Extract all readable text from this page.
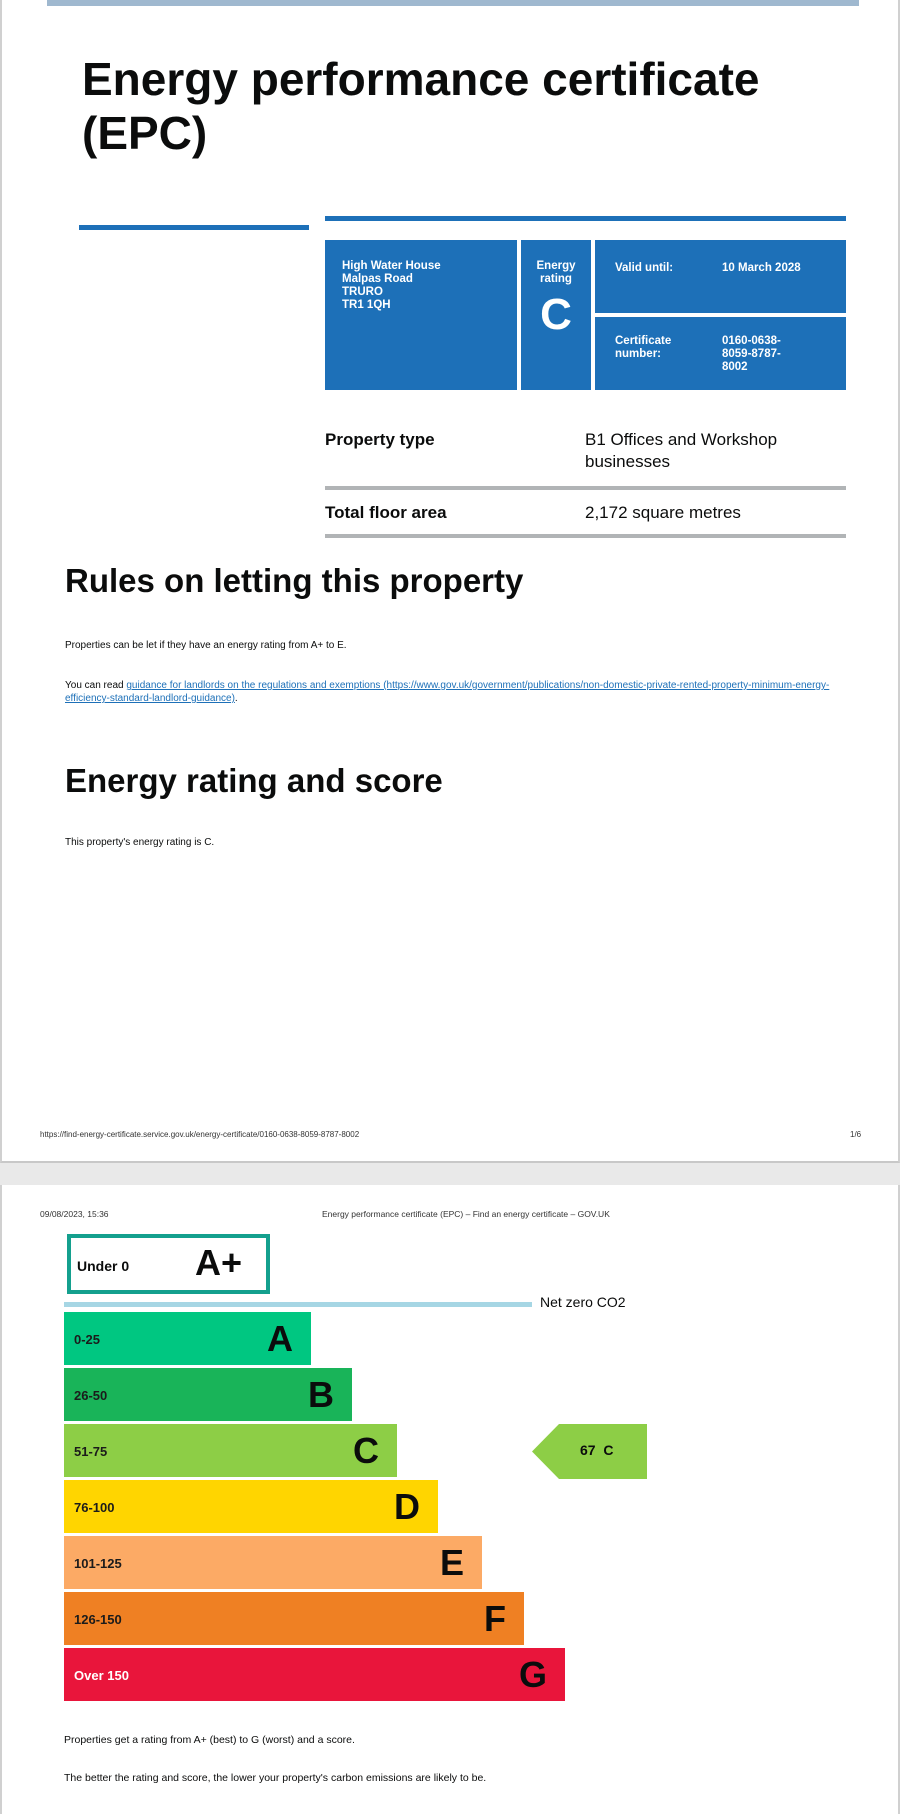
Energy performance certificate (EPC)
High Water House
Malpas Road
TRURO
TR1 1QH
Energy rating
C
Valid until:	10 March 2028
Certificate number:
0160-0638-8059-8787-8002
Property type	B1 Offices and Workshop businesses
Total floor area	2,172 square metres
Rules on letting this property

Properties can be let if they have an energy rating from A+ to E.

You can read guidance for landlords on the regulations and exemptions (https://www.gov.uk/government/publications/non-domestic-private-rented-property-minimum-energy-efficiency-standard-landlord-guidance).

Energy rating and score

This property's energy rating is C.

https://find-energy-certificate.service.gov.uk/energy-certificate/0160-0638-8059-8787-8002	1/6
09/08/2023, 15:36	Energy performance certificate (EPC) – Find an energy certificate – GOV.UK
Under 0 A+
Net zero CO2
0-25	A
26-50	B
51-75	C
76-100	D
101-125	E
126-150	F
Over 150	G
67 C

Properties get a rating from A+ (best) to G (worst) and a score.

The better the rating and score, the lower your property's carbon emissions are likely to be.
